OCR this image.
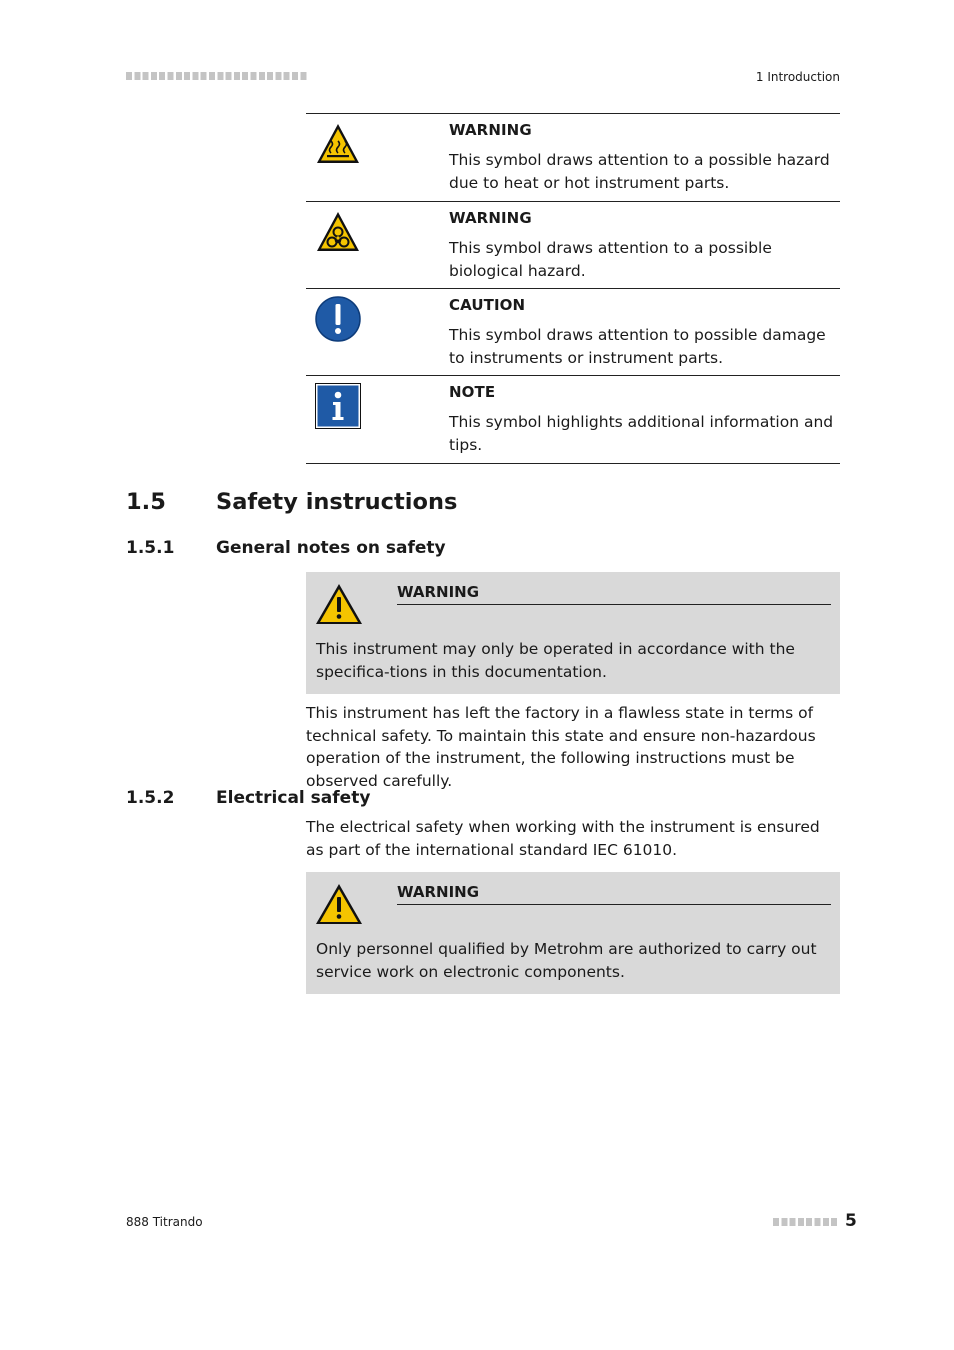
1 Introduction
WARNING
This symbol draws attention to a possible hazard due to heat or hot instrument parts.
WARNING
This symbol draws attention to a possible biological hazard.
CAUTION
This symbol draws attention to possible damage to instruments or instrument parts.
NOTE
This symbol highlights additional information and tips.
1.5 Safety instructions
1.5.1 General notes on safety
WARNING
This instrument may only be operated in accordance with the specifica-tions in this documentation.
This instrument has left the factory in a flawless state in terms of technical safety. To maintain this state and ensure non-hazardous operation of the instrument, the following instructions must be observed carefully.
1.5.2 Electrical safety
The electrical safety when working with the instrument is ensured as part of the international standard IEC 61010.
WARNING
Only personnel qualified by Metrohm are authorized to carry out service work on electronic components.
888 Titrando	5
